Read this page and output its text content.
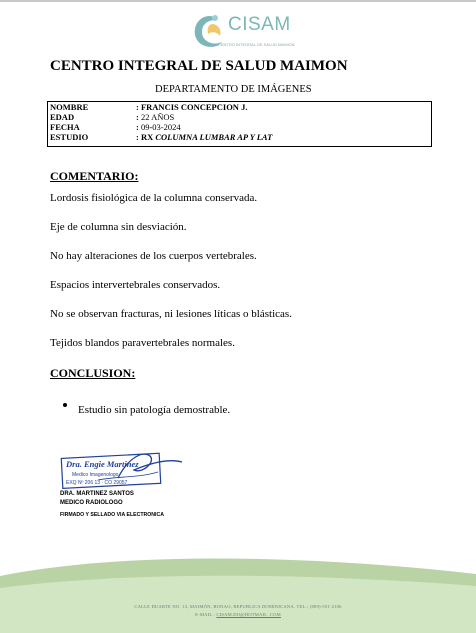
CISAM
CENTRO INTEGRAL DE SALUD MAIMON
CENTRO INTEGRAL DE SALUD MAIMON
DEPARTAMENTO DE IMÁGENES
NOMBRE	: FRANCIS CONCEPCION J.
EDAD	: 22 AÑOS
FECHA	: 09-03-2024
ESTUDIO	: RX COLUMNA LUMBAR AP Y LAT
COMENTARIO:
Lordosis fisiológica de la columna conservada.
Eje de columna sin desviación.
No hay alteraciones de los cuerpos vertebrales.
Espacios intervertebrales conservados.
No se observan fracturas, ni lesiones líticas o blásticas.
Tejidos blandos paravertebrales normales.
CONCLUSION:
Estudio sin patología demostrable.
Dra. Engie Martinez
Medico Imagenologo
EXQ Nº 206 13 · CO 29057
DRA. MARTINEZ SANTOS
MEDICO RADIOLOGO
FIRMADO Y SELLADO VIA ELECTRONICA
CALLE DUARTE NO. 13, MAIMÓN, BONAO, REPUBLICA DOMINICANA, TEL.: (809)-551-2106
E-MAIL : CISAM.DO@HOTMAIL .COM
